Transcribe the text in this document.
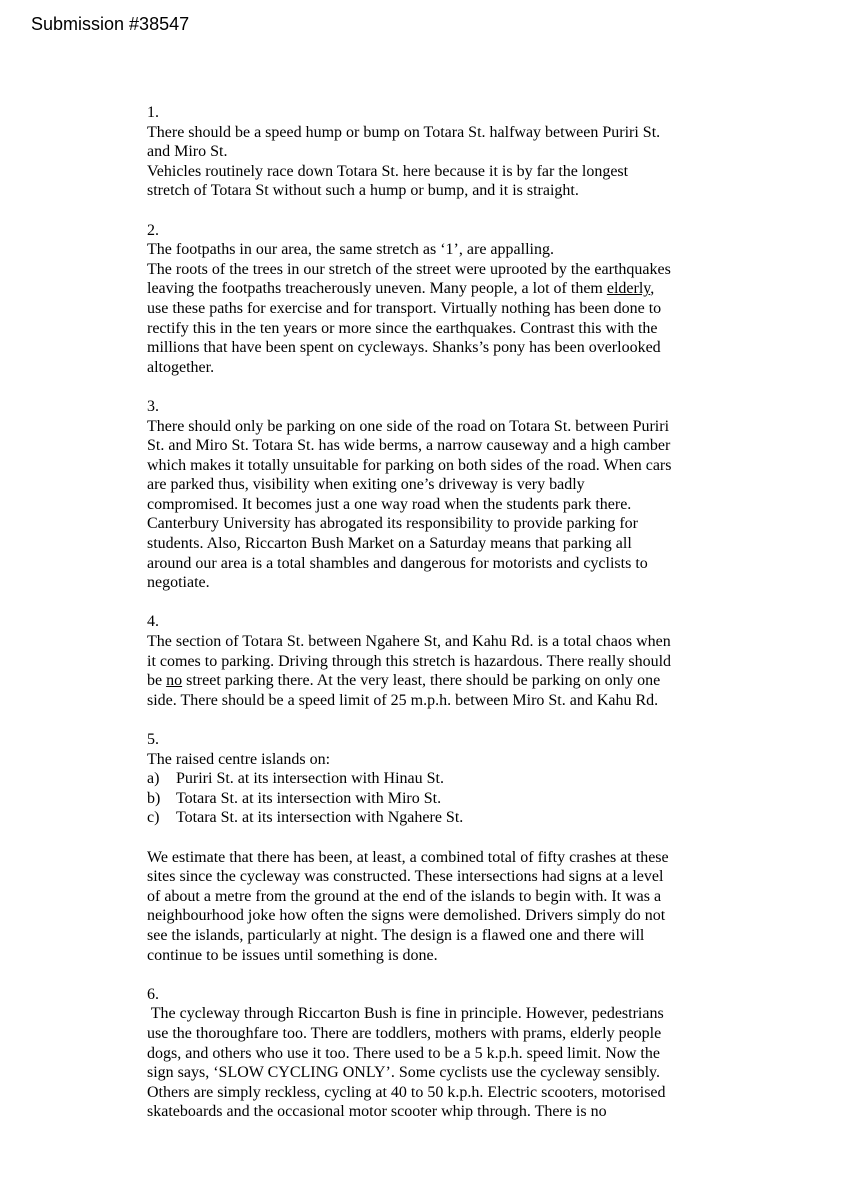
Submission #38547
1.
There should be a speed hump or bump on Totara St. halfway between Puriri St.
and Miro St.
Vehicles routinely race down Totara St. here because it is by far the longest
stretch of Totara St without such a hump or bump, and it is straight.
2.
The footpaths in our area, the same stretch as ‘1’, are appalling.
The roots of the trees in our stretch of the street were uprooted by the earthquakes
leaving the footpaths treacherously uneven. Many people, a lot of them elderly,
use these paths for exercise and for transport. Virtually nothing has been done to
rectify this in the ten years or more since the earthquakes. Contrast this with the
millions that have been spent on cycleways. Shanks’s pony has been overlooked
altogether.
3.
There should only be parking on one side of the road on Totara St. between Puriri
St. and Miro St. Totara St. has wide berms, a narrow causeway and a high camber
which makes it totally unsuitable for parking on both sides of the road. When cars
are parked thus, visibility when exiting one’s driveway is very badly
compromised. It becomes just a one way road when the students park there.
Canterbury University has abrogated its responsibility to provide parking for
students. Also, Riccarton Bush Market on a Saturday means that parking all
around our area is a total shambles and dangerous for motorists and cyclists to
negotiate.
4.
The section of Totara St. between Ngahere St, and Kahu Rd. is a total chaos when
it comes to parking. Driving through this stretch is hazardous. There really should
be no street parking there. At the very least, there should be parking on only one
side. There should be a speed limit of 25 m.p.h. between Miro St. and Kahu Rd.
5.
The raised centre islands on:
a) Puriri St. at its intersection with Hinau St.
b) Totara St. at its intersection with Miro St.
c) Totara St. at its intersection with Ngahere St.
We estimate that there has been, at least, a combined total of fifty crashes at these
sites since the cycleway was constructed. These intersections had signs at a level
of about a metre from the ground at the end of the islands to begin with. It was a
neighbourhood joke how often the signs were demolished. Drivers simply do not
see the islands, particularly at night. The design is a flawed one and there will
continue to be issues until something is done.
6.
The cycleway through Riccarton Bush is fine in principle. However, pedestrians
use the thoroughfare too. There are toddlers, mothers with prams, elderly people
dogs, and others who use it too. There used to be a 5 k.p.h. speed limit. Now the
sign says, ‘SLOW CYCLING ONLY’. Some cyclists use the cycleway sensibly.
Others are simply reckless, cycling at 40 to 50 k.p.h. Electric scooters, motorised
skateboards and the occasional motor scooter whip through. There is no
